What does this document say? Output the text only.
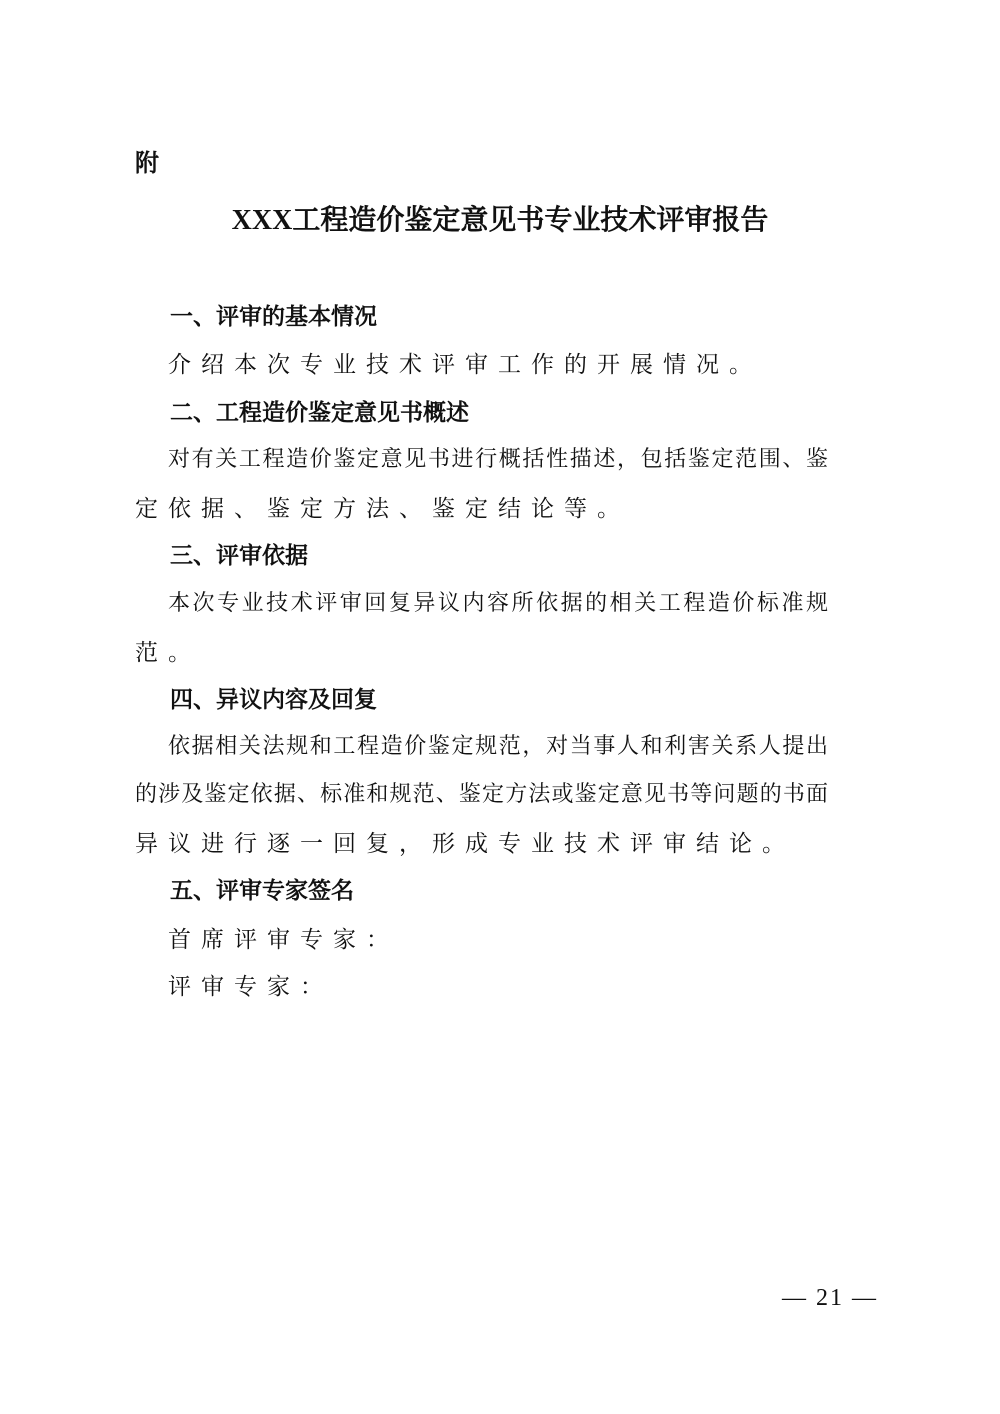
附
XXX工程造价鉴定意见书专业技术评审报告
一、评审的基本情况
介绍本次专业技术评审工作的开展情况。
二、工程造价鉴定意见书概述
对有关工程造价鉴定意见书进行概括性描述，包括鉴定范围、鉴
定依据、鉴定方法、鉴定结论等。
三、评审依据
本次专业技术评审回复异议内容所依据的相关工程造价标准规
范。
四、异议内容及回复
依据相关法规和工程造价鉴定规范，对当事人和利害关系人提出
的涉及鉴定依据、标准和规范、鉴定方法或鉴定意见书等问题的书面
异议进行逐一回复，形成专业技术评审结论。
五、评审专家签名
首席评审专家：
评审专家：
— 21 —
